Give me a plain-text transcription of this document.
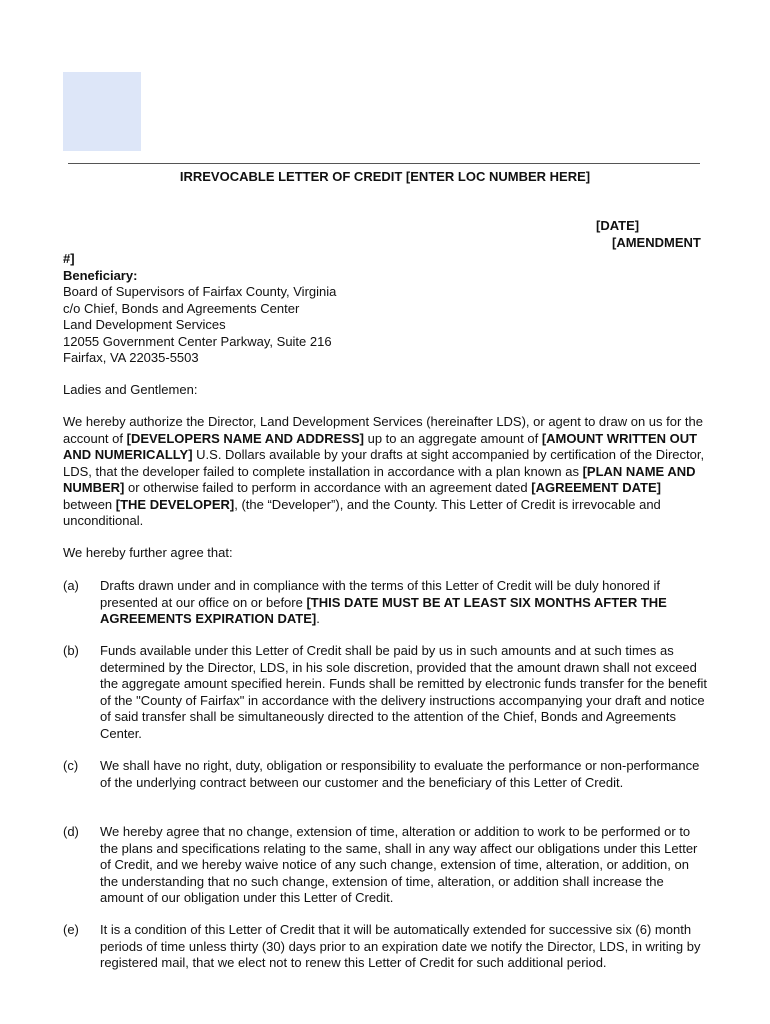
IRREVOCABLE LETTER OF CREDIT [ENTER LOC NUMBER HERE]
[DATE]
[AMENDMENT
#]
Beneficiary:
Board of Supervisors of Fairfax County, Virginia
c/o Chief, Bonds and Agreements Center
Land Development Services
12055 Government Center Parkway, Suite 216
Fairfax, VA 22035-5503
Ladies and Gentlemen:
We hereby authorize the Director, Land Development Services (hereinafter LDS), or agent to draw on us for the account of [DEVELOPERS NAME AND ADDRESS] up to an aggregate amount of [AMOUNT WRITTEN OUT AND NUMERICALLY] U.S. Dollars available by your drafts at sight accompanied by certification of the Director, LDS, that the developer failed to complete installation in accordance with a plan known as [PLAN NAME AND NUMBER] or otherwise failed to perform in accordance with an agreement dated [AGREEMENT DATE] between [THE DEVELOPER], (the “Developer”), and the County. This Letter of Credit is irrevocable and unconditional.
We hereby further agree that:
(a) Drafts drawn under and in compliance with the terms of this Letter of Credit will be duly honored if presented at our office on or before [THIS DATE MUST BE AT LEAST SIX MONTHS AFTER THE AGREEMENTS EXPIRATION DATE].
(b) Funds available under this Letter of Credit shall be paid by us in such amounts and at such times as determined by the Director, LDS, in his sole discretion, provided that the amount drawn shall not exceed the aggregate amount specified herein. Funds shall be remitted by electronic funds transfer for the benefit of the "County of Fairfax" in accordance with the delivery instructions accompanying your draft and notice of said transfer shall be simultaneously directed to the attention of the Chief, Bonds and Agreements Center.
(c) We shall have no right, duty, obligation or responsibility to evaluate the performance or non-performance of the underlying contract between our customer and the beneficiary of this Letter of Credit.
(d) We hereby agree that no change, extension of time, alteration or addition to work to be performed or to the plans and specifications relating to the same, shall in any way affect our obligations under this Letter of Credit, and we hereby waive notice of any such change, extension of time, alteration, or addition, on the understanding that no such change, extension of time, alteration, or addition shall increase the amount of our obligation under this Letter of Credit.
(e) It is a condition of this Letter of Credit that it will be automatically extended for successive six (6) month periods of time unless thirty (30) days prior to an expiration date we notify the Director, LDS, in writing by registered mail, that we elect not to renew this Letter of Credit for such additional period.
